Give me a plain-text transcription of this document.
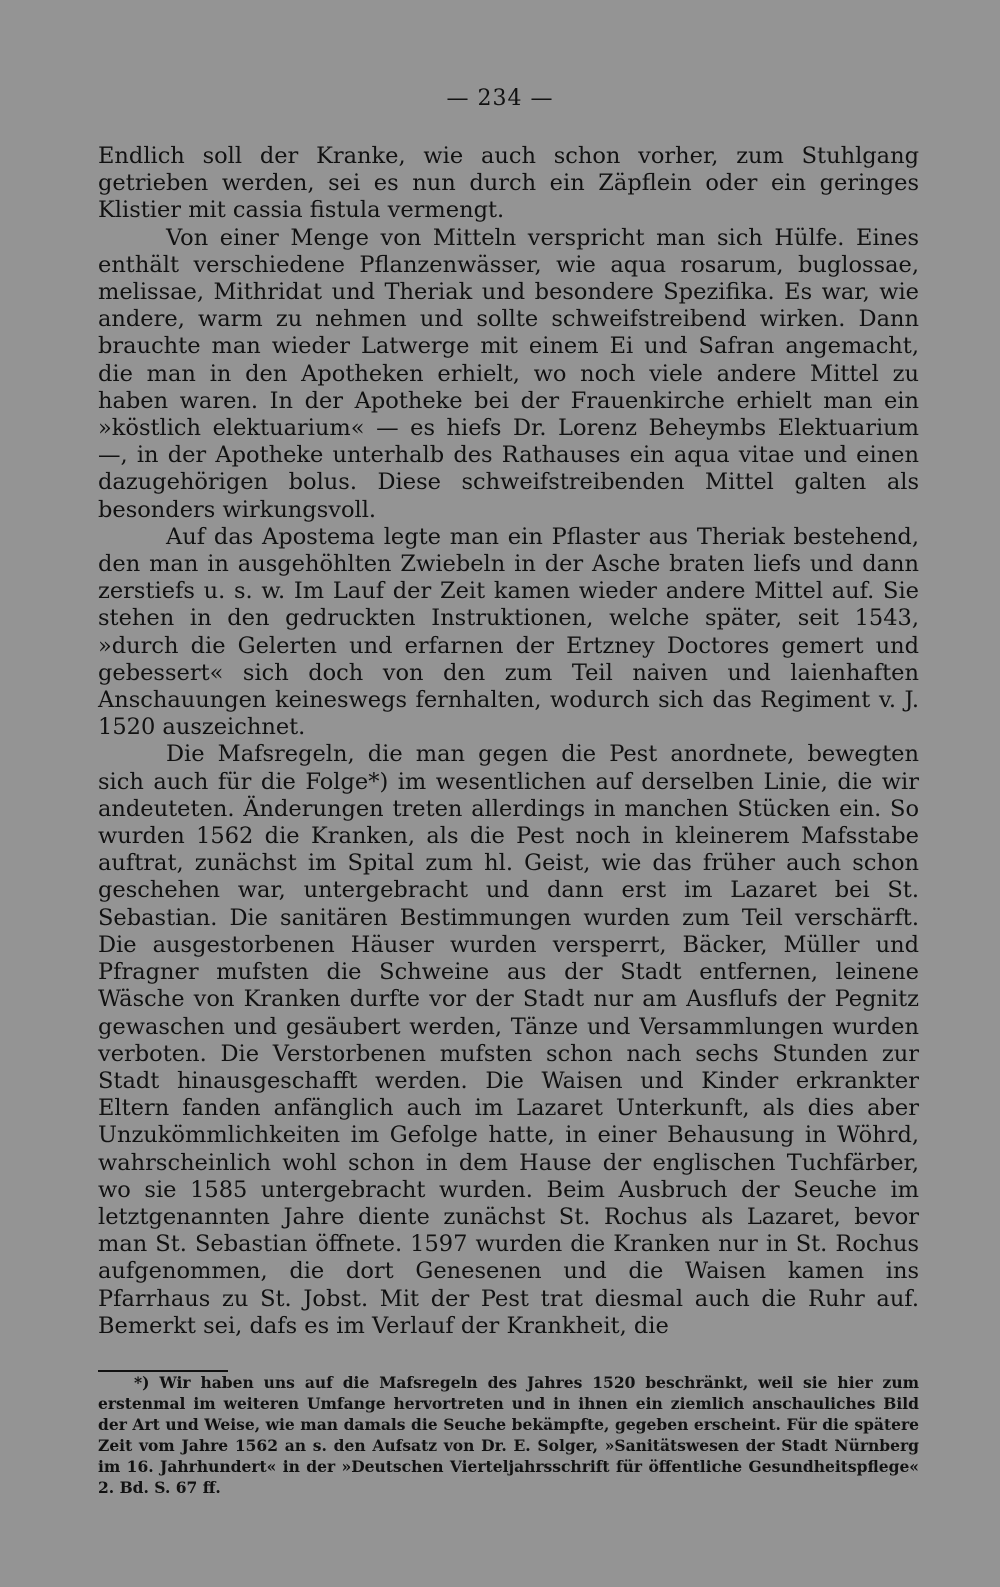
— 234 —

Endlich soll der Kranke, wie auch schon vorher, zum Stuhlgang getrieben werden, sei es nun durch ein Zäpflein oder ein geringes Klistier mit cassia fistula vermengt.

Von einer Menge von Mitteln verspricht man sich Hülfe. Eines enthält verschiedene Pflanzenwässer, wie aqua rosarum, buglossae, melissae, Mithridat und Theriak und besondere Spezifika. Es war, wie andere, warm zu nehmen und sollte schweifstreibend wirken. Dann brauchte man wieder Latwerge mit einem Ei und Safran angemacht, die man in den Apotheken erhielt, wo noch viele andere Mittel zu haben waren. In der Apotheke bei der Frauenkirche erhielt man ein »köstlich elektuarium« — es hiefs Dr. Lorenz Beheymbs Elektuarium —, in der Apotheke unterhalb des Rathauses ein aqua vitae und einen dazugehörigen bolus. Diese schweifstreibenden Mittel galten als besonders wirkungsvoll.

Auf das Apostema legte man ein Pflaster aus Theriak bestehend, den man in ausgehöhlten Zwiebeln in der Asche braten liefs und dann zerstiefs u. s. w. Im Lauf der Zeit kamen wieder andere Mittel auf. Sie stehen in den gedruckten Instruktionen, welche später, seit 1543, »durch die Gelerten und erfarnen der Ertzney Doctores gemert und gebessert« sich doch von den zum Teil naiven und laienhaften Anschauungen keineswegs fernhalten, wodurch sich das Regiment v. J. 1520 auszeichnet.

Die Mafsregeln, die man gegen die Pest anordnete, bewegten sich auch für die Folge*) im wesentlichen auf derselben Linie, die wir andeuteten. Änderungen treten allerdings in manchen Stücken ein. So wurden 1562 die Kranken, als die Pest noch in kleinerem Mafsstabe auftrat, zunächst im Spital zum hl. Geist, wie das früher auch schon geschehen war, untergebracht und dann erst im Lazaret bei St. Sebastian. Die sanitären Bestimmungen wurden zum Teil verschärft. Die ausgestorbenen Häuser wurden versperrt, Bäcker, Müller und Pfragner mufsten die Schweine aus der Stadt entfernen, leinene Wäsche von Kranken durfte vor der Stadt nur am Ausflufs der Pegnitz gewaschen und gesäubert werden, Tänze und Versammlungen wurden verboten. Die Verstorbenen mufsten schon nach sechs Stunden zur Stadt hinausgeschafft werden. Die Waisen und Kinder erkrankter Eltern fanden anfänglich auch im Lazaret Unterkunft, als dies aber Unzukömmlichkeiten im Gefolge hatte, in einer Behausung in Wöhrd, wahrscheinlich wohl schon in dem Hause der englischen Tuchfärber, wo sie 1585 untergebracht wurden. Beim Ausbruch der Seuche im letztgenannten Jahre diente zunächst St. Rochus als Lazaret, bevor man St. Sebastian öffnete. 1597 wurden die Kranken nur in St. Rochus aufgenommen, die dort Genesenen und die Waisen kamen ins Pfarrhaus zu St. Jobst. Mit der Pest trat diesmal auch die Ruhr auf. Bemerkt sei, dafs es im Verlauf der Krankheit, die

*) Wir haben uns auf die Mafsregeln des Jahres 1520 beschränkt, weil sie hier zum erstenmal im weiteren Umfange hervortreten und in ihnen ein ziemlich anschauliches Bild der Art und Weise, wie man damals die Seuche bekämpfte, gegeben erscheint. Für die spätere Zeit vom Jahre 1562 an s. den Aufsatz von Dr. E. Solger, »Sanitätswesen der Stadt Nürnberg im 16. Jahrhundert« in der »Deutschen Vierteljahrsschrift für öffentliche Gesundheitspflege« 2. Bd. S. 67 ff.
